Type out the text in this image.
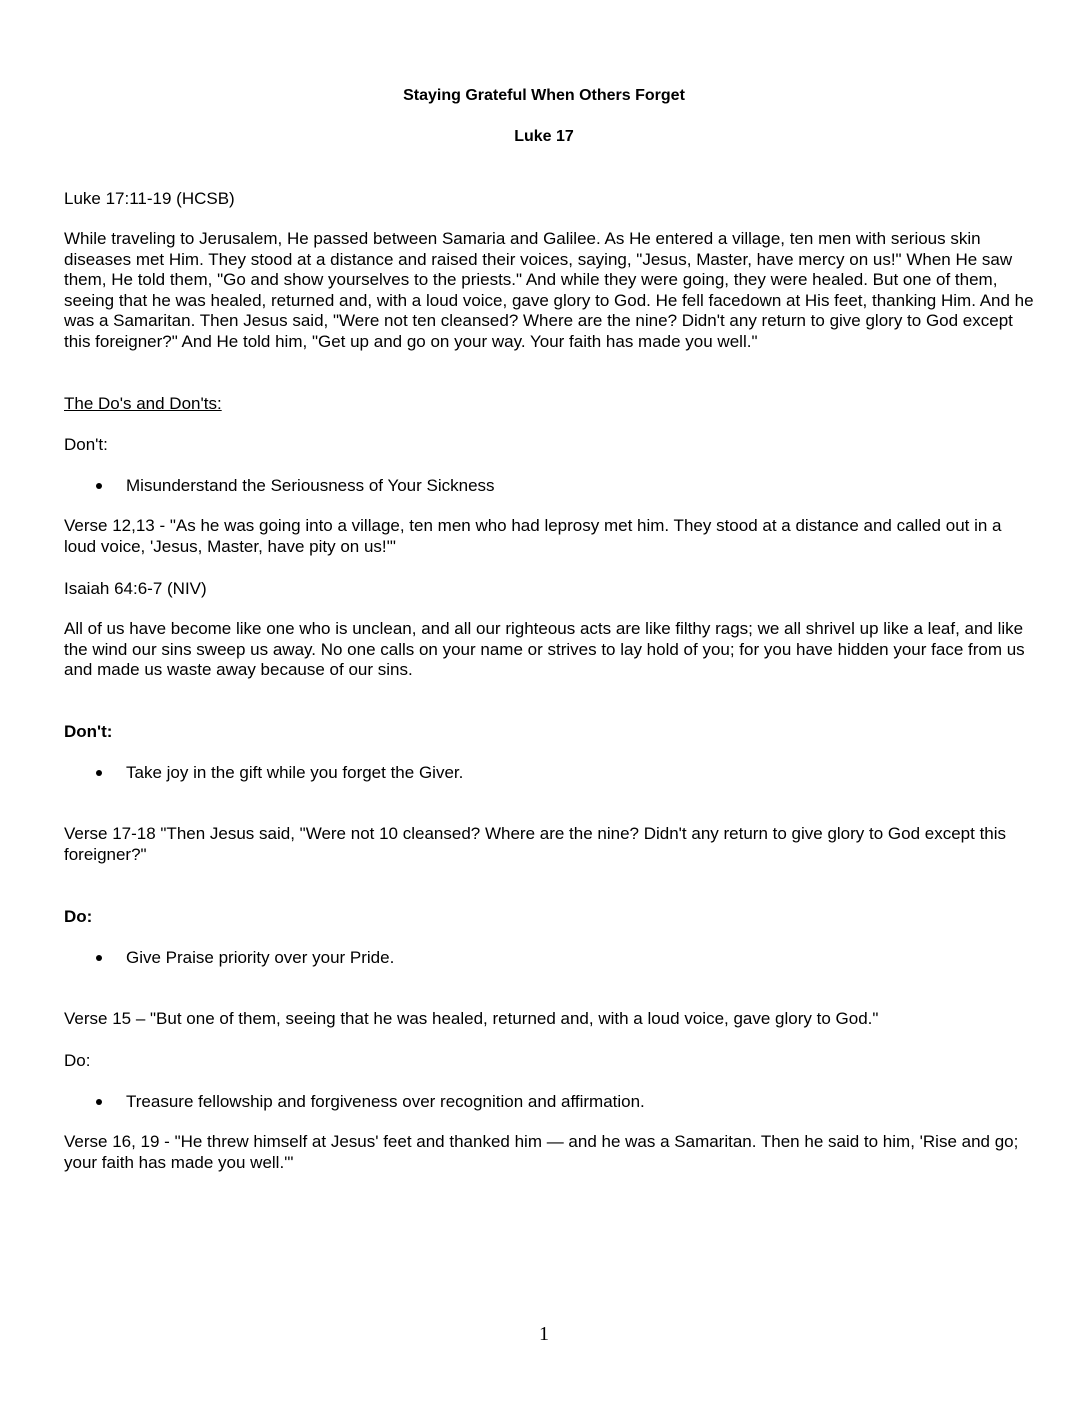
Staying Grateful When Others Forget
Luke 17
Luke 17:11-19 (HCSB)
While traveling to Jerusalem, He passed between Samaria and Galilee. As He entered a village, ten men with serious skin diseases met Him. They stood at a distance and raised their voices, saying, "Jesus, Master, have mercy on us!" When He saw them, He told them, "Go and show yourselves to the priests." And while they were going, they were healed. But one of them, seeing that he was healed, returned and, with a loud voice, gave glory to God. He fell facedown at His feet, thanking Him. And he was a Samaritan. Then Jesus said, "Were not ten cleansed? Where are the nine? Didn't any return to give glory to God except this foreigner?" And He told him, "Get up and go on your way. Your faith has made you well."
The Do's and Don'ts:
Don't:
Misunderstand the Seriousness of Your Sickness
Verse 12,13 - "As he was going into a village, ten men who had leprosy met him. They stood at a distance and called out in a loud voice, 'Jesus, Master, have pity on us!'"
Isaiah 64:6-7 (NIV)
All of us have become like one who is unclean, and all our righteous acts are like filthy rags; we all shrivel up like a leaf, and like the wind our sins sweep us away. No one calls on your name or strives to lay hold of you; for you have hidden your face from us and made us waste away because of our sins.
Don't:
Take joy in the gift while you forget the Giver.
Verse 17-18 "Then Jesus said, "Were not 10 cleansed? Where are the nine? Didn't any return to give glory to God except this foreigner?"
Do:
Give Praise priority over your Pride.
Verse 15 – "But one of them, seeing that he was healed, returned and, with a loud voice, gave glory to God."
Do:
Treasure fellowship and forgiveness over recognition and affirmation.
Verse 16, 19 - "He threw himself at Jesus' feet and thanked him — and he was a Samaritan. Then he said to him, 'Rise and go; your faith has made you well.'"
1
